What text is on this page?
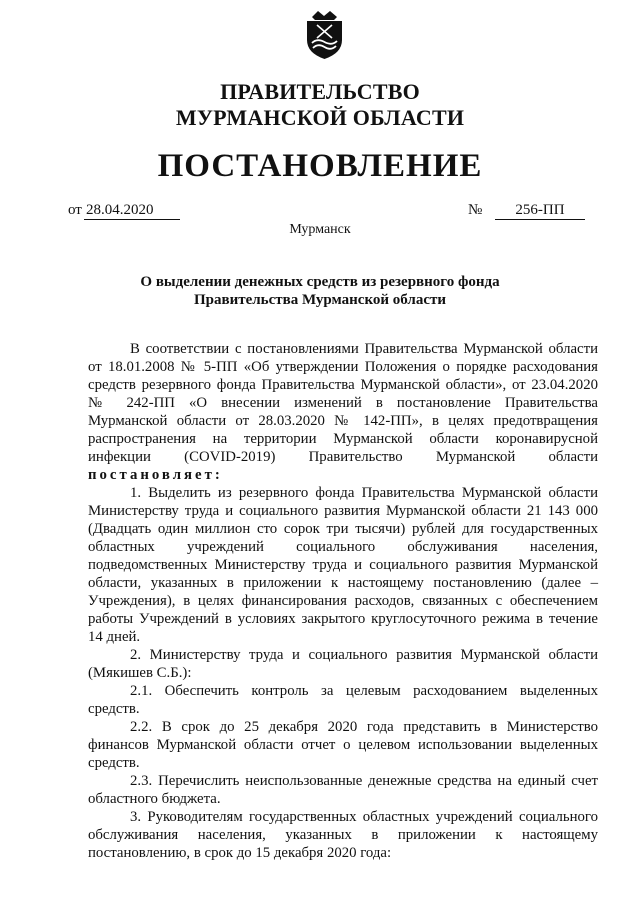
ПРАВИТЕЛЬСТВО
МУРМАНСКОЙ ОБЛАСТИ
ПОСТАНОВЛЕНИЕ
от 28.04.2020	№	256-ПП
Мурманск
О выделении денежных средств из резервного фонда
Правительства Мурманской области

В соответствии с постановлениями Правительства Мурманской области от 18.01.2008 № 5-ПП «Об утверждении Положения о порядке расходования средств резервного фонда Правительства Мурманской области», от 23.04.2020 № 242-ПП «О внесении изменений в постановление Правительства Мурманской области от 28.03.2020 № 142-ПП», в целях предотвращения распространения на территории Мурманской области коронавирусной инфекции (COVID-2019) Правительство Мурманской области постановляет:

1. Выделить из резервного фонда Правительства Мурманской области Министерству труда и социального развития Мурманской области 21 143 000 (Двадцать один миллион сто сорок три тысячи) рублей для государственных областных учреждений социального обслуживания населения, подведомственных Министерству труда и социального развития Мурманской области, указанных в приложении к настоящему постановлению (далее – Учреждения), в целях финансирования расходов, связанных с обеспечением работы Учреждений в условиях закрытого круглосуточного режима в течение 14 дней.

2. Министерству труда и социального развития Мурманской области (Мякишев С.Б.):

2.1. Обеспечить контроль за целевым расходованием выделенных средств.

2.2. В срок до 25 декабря 2020 года представить в Министерство финансов Мурманской области отчет о целевом использовании выделенных средств.

2.3. Перечислить неиспользованные денежные средства на единый счет областного бюджета.

3. Руководителям государственных областных учреждений социального обслуживания населения, указанных в приложении к настоящему постановлению, в срок до 15 декабря 2020 года:
